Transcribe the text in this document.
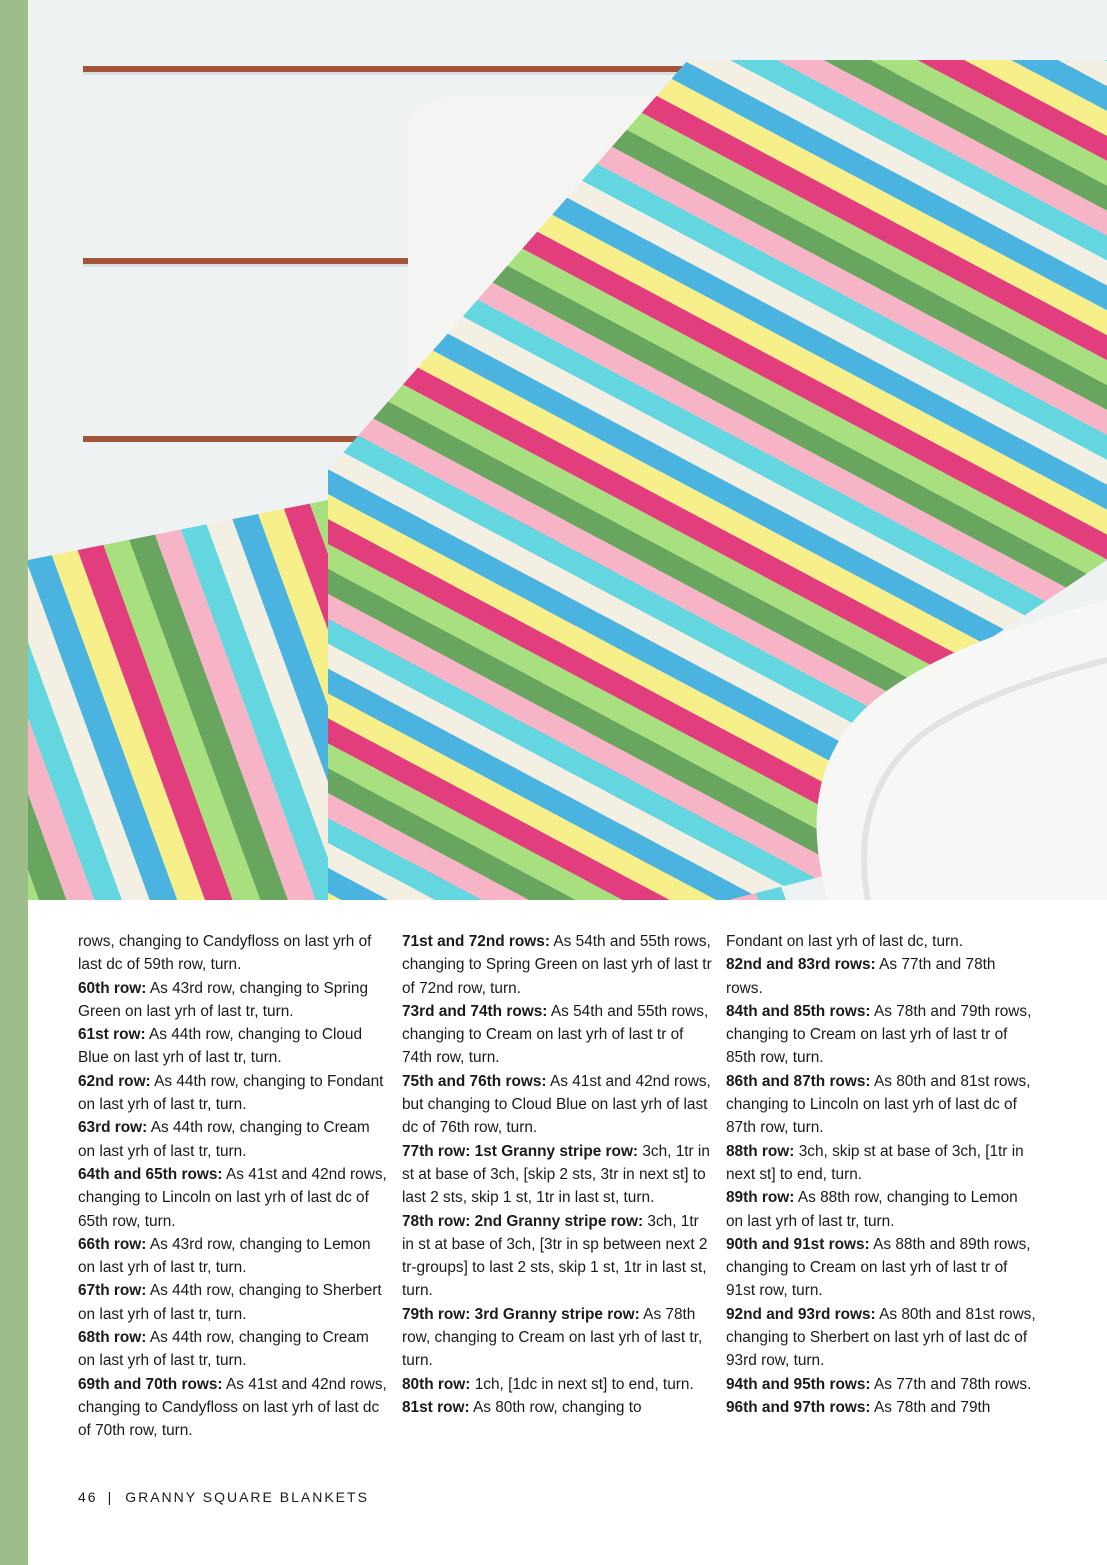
rows, changing to Candyfloss on last yrh of last dc of 59th row, turn.

60th row: As 43rd row, changing to Spring Green on last yrh of last tr, turn.

61st row: As 44th row, changing to Cloud Blue on last yrh of last tr, turn.

62nd row: As 44th row, changing to Fondant on last yrh of last tr, turn.

63rd row: As 44th row, changing to Cream on last yrh of last tr, turn.

64th and 65th rows: As 41st and 42nd rows, changing to Lincoln on last yrh of last dc of 65th row, turn.

66th row: As 43rd row, changing to Lemon on last yrh of last tr, turn.

67th row: As 44th row, changing to Sherbert on last yrh of last tr, turn.

68th row: As 44th row, changing to Cream on last yrh of last tr, turn.

69th and 70th rows: As 41st and 42nd rows, changing to Candyfloss on last yrh of last dc of 70th row, turn.

71st and 72nd rows: As 54th and 55th rows, changing to Spring Green on last yrh of last tr of 72nd row, turn.

73rd and 74th rows: As 54th and 55th rows, changing to Cream on last yrh of last tr of 74th row, turn.

75th and 76th rows: As 41st and 42nd rows, but changing to Cloud Blue on last yrh of last dc of 76th row, turn.

77th row: 1st Granny stripe row: 3ch, 1tr in st at base of 3ch, [skip 2 sts, 3tr in next st] to last 2 sts, skip 1 st, 1tr in last st, turn.

78th row: 2nd Granny stripe row: 3ch, 1tr in st at base of 3ch, [3tr in sp between next 2 tr-groups] to last 2 sts, skip 1 st, 1tr in last st, turn.

79th row: 3rd Granny stripe row: As 78th row, changing to Cream on last yrh of last tr, turn.

80th row: 1ch, [1dc in next st] to end, turn.

81st row: As 80th row, changing to

Fondant on last yrh of last dc, turn.

82nd and 83rd rows: As 77th and 78th rows.

84th and 85th rows: As 78th and 79th rows, changing to Cream on last yrh of last tr of 85th row, turn.

86th and 87th rows: As 80th and 81st rows, changing to Lincoln on last yrh of last dc of 87th row, turn.

88th row: 3ch, skip st at base of 3ch, [1tr in next st] to end, turn.

89th row: As 88th row, changing to Lemon on last yrh of last tr, turn.

90th and 91st rows: As 88th and 89th rows, changing to Cream on last yrh of last tr of 91st row, turn.

92nd and 93rd rows: As 80th and 81st rows, changing to Sherbert on last yrh of last dc of 93rd row, turn.

94th and 95th rows: As 77th and 78th rows.

96th and 97th rows: As 78th and 79th

46 | GRANNY SQUARE BLANKETS
